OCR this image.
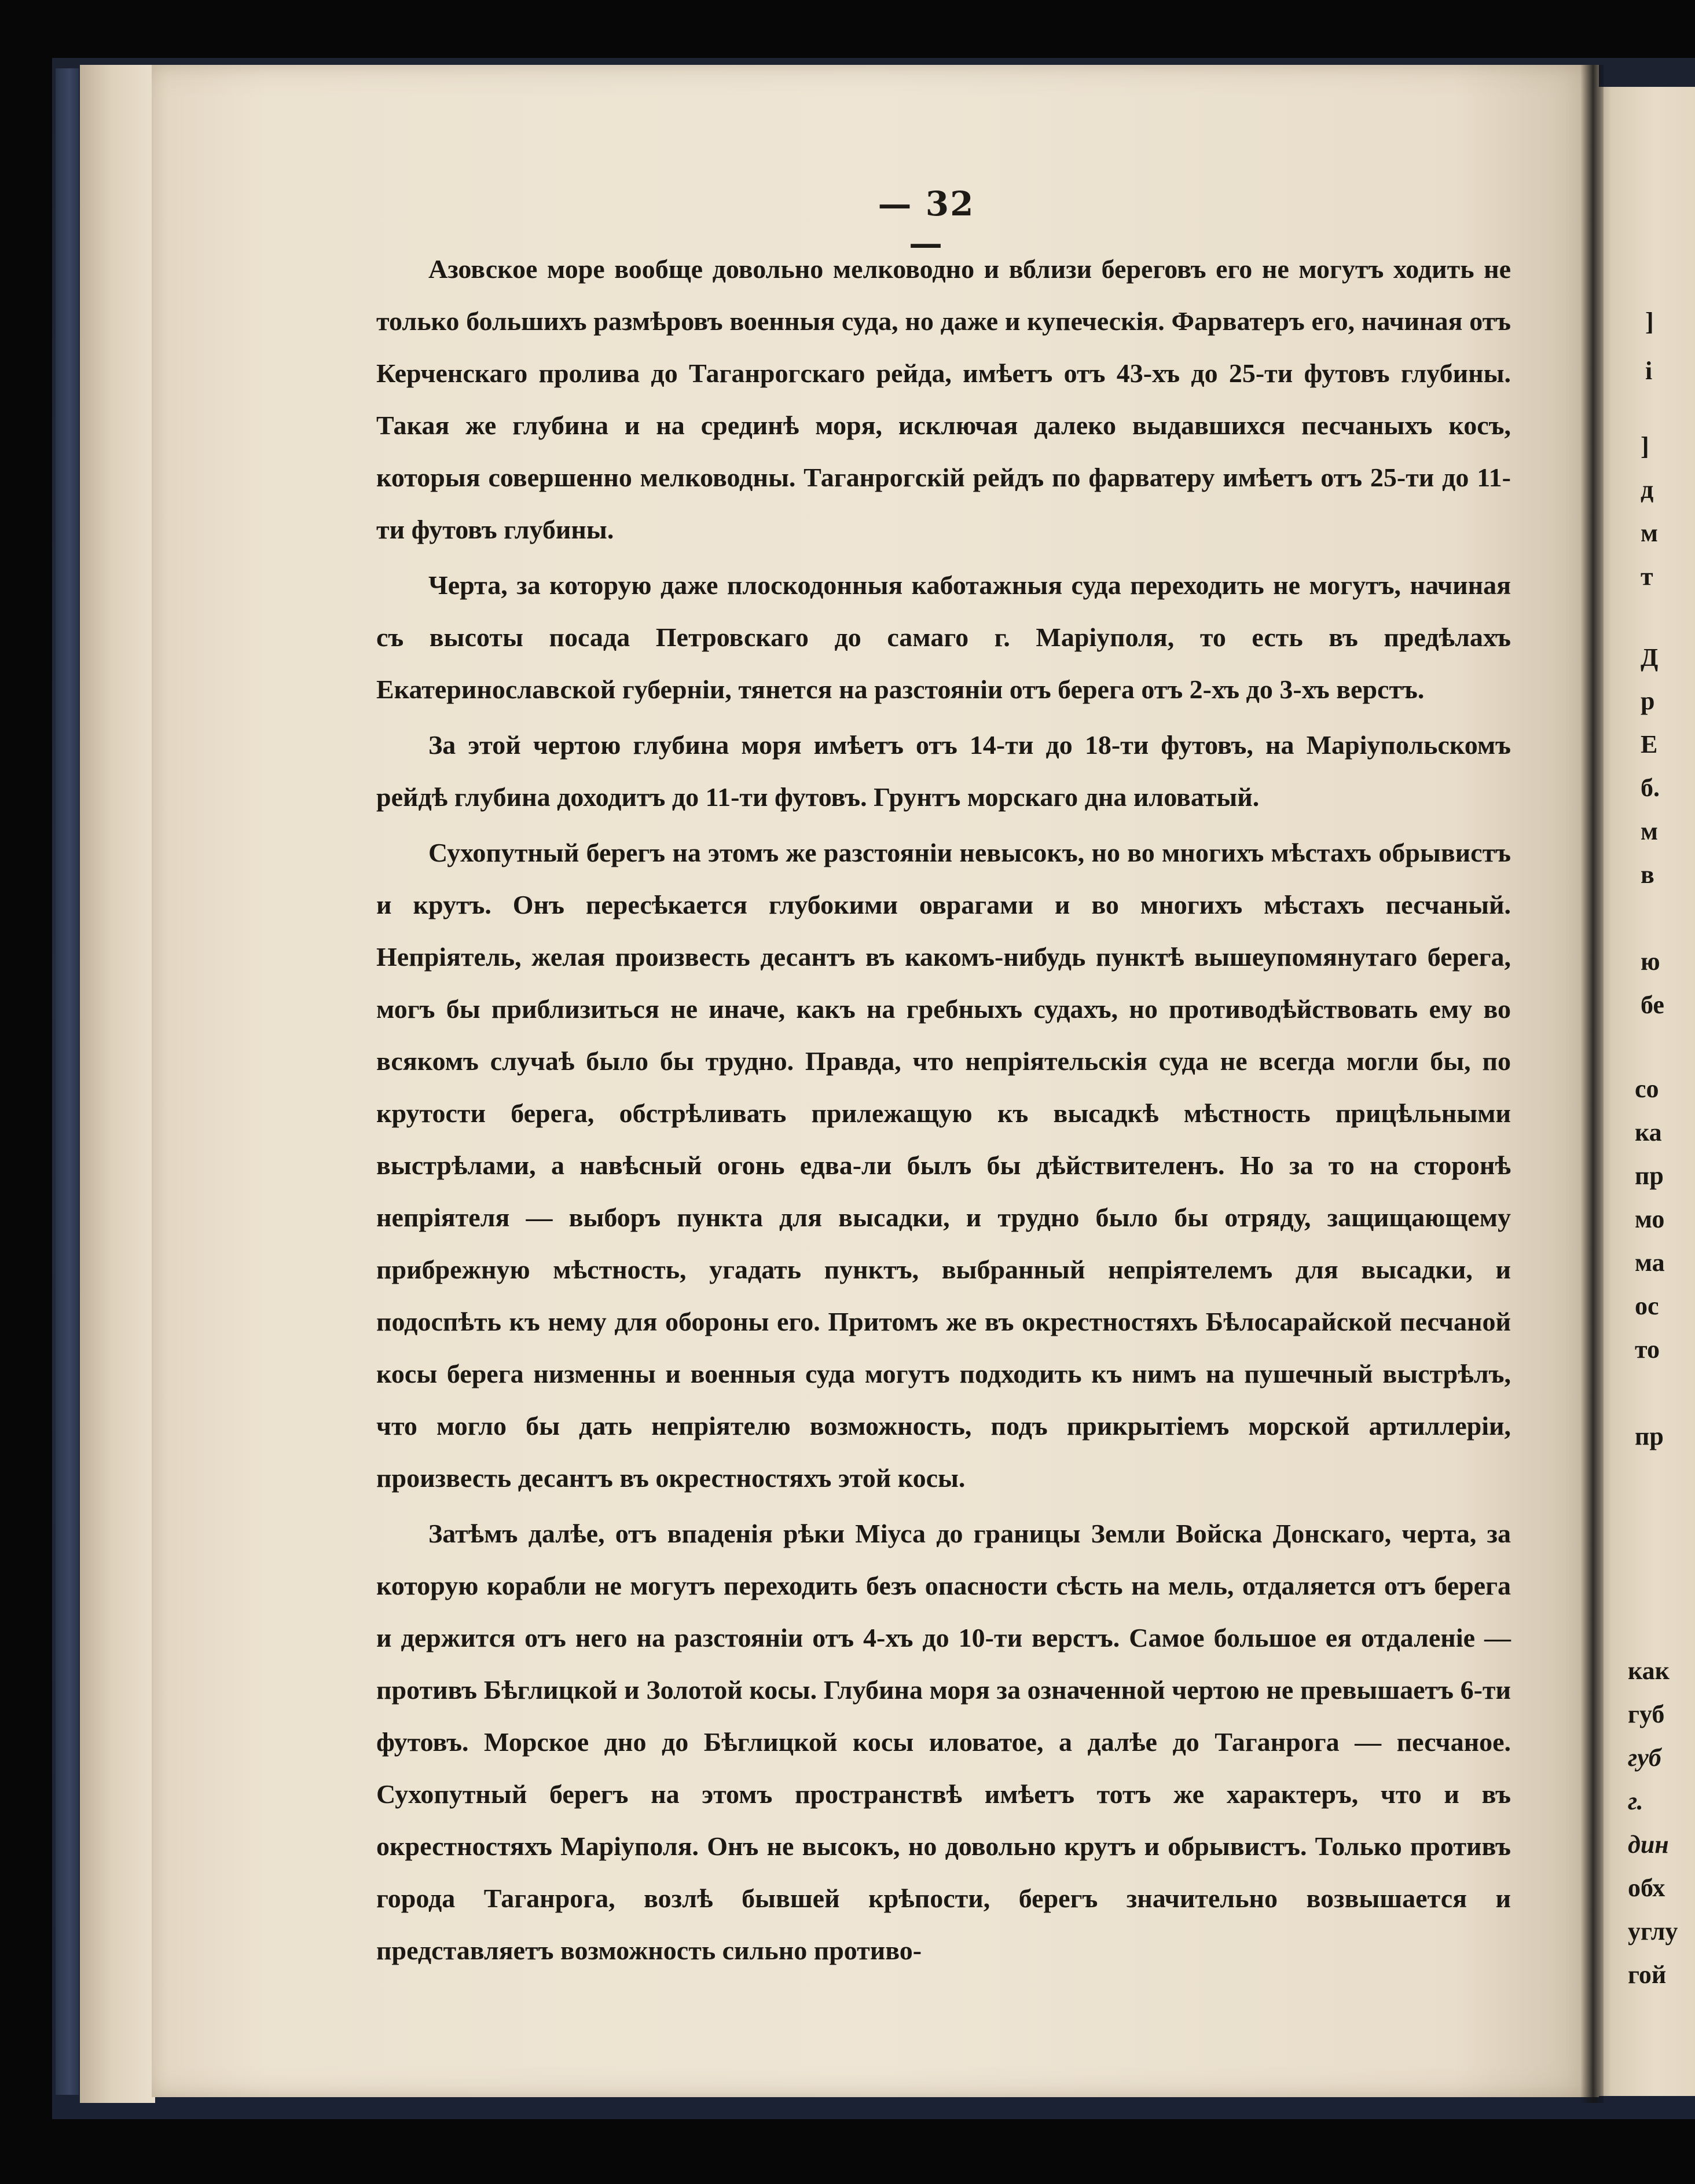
— 32 —

Азовское море вообще довольно мелководно и вблизи береговъ его не могутъ ходить не только большихъ размѣровъ военныя суда, но даже и купеческія. Фарватеръ его, начиная отъ Керченскаго пролива до Таганрогскаго рейда, имѣетъ отъ 43-хъ до 25-ти футовъ глубины. Такая же глубина и на срединѣ моря, исключая далеко выдавшихся песчаныхъ косъ, которыя совершенно мелководны. Таганрогскій рейдъ по фарватеру имѣетъ отъ 25-ти до 11-ти футовъ глубины.

Черта, за которую даже плоскодонныя каботажныя суда переходить не могутъ, начиная съ высоты посада Петровскаго до самаго г. Маріуполя, то есть въ предѣлахъ Екатеринославской губерніи, тянется на разстояніи отъ берега отъ 2-хъ до 3-хъ верстъ.

За этой чертою глубина моря имѣетъ отъ 14-ти до 18-ти футовъ, на Маріупольскомъ рейдѣ глубина доходитъ до 11-ти футовъ. Грунтъ морскаго дна иловатый.

Сухопутный берегъ на этомъ же разстояніи невысокъ, но во многихъ мѣстахъ обрывистъ и крутъ. Онъ пересѣкается глубокими оврагами и во многихъ мѣстахъ песчаный. Непріятель, желая произвесть десантъ въ какомъ-нибудь пунктѣ вышеупомянутаго берега, могъ бы приблизиться не иначе, какъ на гребныхъ судахъ, но противодѣйствовать ему во всякомъ случаѣ было бы трудно. Правда, что непріятельскія суда не всегда могли бы, по крутости берега, обстрѣливать прилежащую къ высадкѣ мѣстность прицѣльными выстрѣлами, а навѣсный огонь едва-ли былъ бы дѣйствителенъ. Но за то на сторонѣ непріятеля — выборъ пункта для высадки, и трудно было бы отряду, защищающему прибрежную мѣстность, угадать пунктъ, выбранный непріятелемъ для высадки, и подоспѣть къ нему для обороны его. Притомъ же въ окрестностяхъ Бѣлосарайской песчаной косы берега низменны и военныя суда могутъ подходить къ нимъ на пушечный выстрѣлъ, что могло бы дать непріятелю возможность, подъ прикрытіемъ морской артиллеріи, произвесть десантъ въ окрестностяхъ этой косы.

Затѣмъ далѣе, отъ впаденія рѣки Міуса до границы Земли Войска Донскаго, черта, за которую корабли не могутъ переходить безъ опасности сѣсть на мель, отдаляется отъ берега и держится отъ него на разстояніи отъ 4-хъ до 10-ти верстъ. Самое большое ея отдаленіе — противъ Бѣглицкой и Золотой косы. Глубина моря за означенной чертою не превышаетъ 6-ти футовъ. Морское дно до Бѣглицкой косы иловатое, а далѣе до Таганрога — песчаное. Сухопутный берегъ на этомъ пространствѣ имѣетъ тотъ же характеръ, что и въ окрестностяхъ Маріуполя. Онъ не высокъ, но довольно крутъ и обрывистъ. Только противъ города Таганрога, возлѣ бывшей крѣпости, берегъ значительно возвышается и представляетъ возможность сильно противо-

]
і
]
д
м
т
Д
р
Е
б.
м
в
ю
бе
со
ка
пр
мо
ма
ос
то
пр
как
губ
губ
г.
дин
обх
углу
гой
